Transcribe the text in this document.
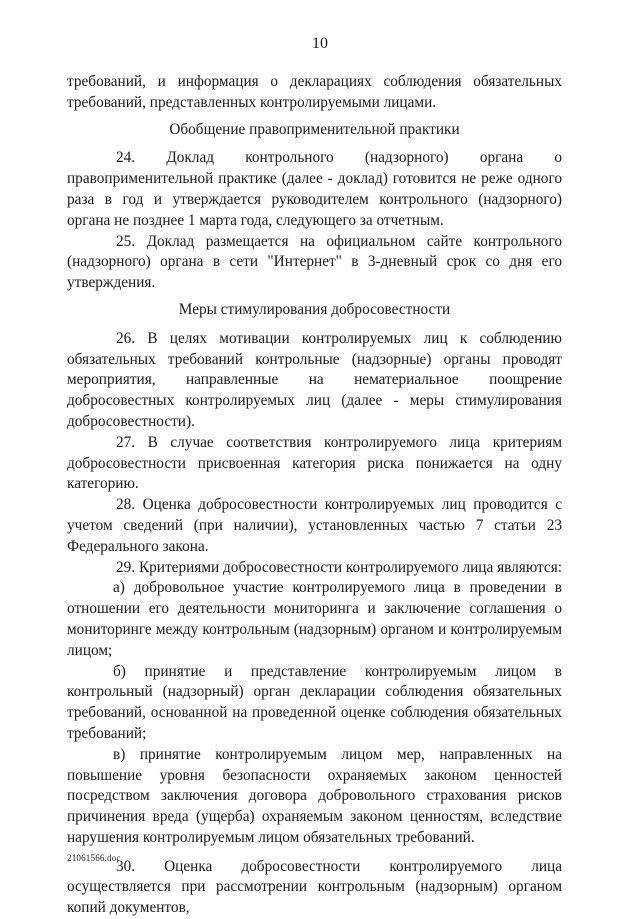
10

требований, и информация о декларациях соблюдения обязательных требований, представленных контролируемыми лицами.

Обобщение правоприменительной практики

24. Доклад контрольного (надзорного) органа о правоприменительной практике (далее - доклад) готовится не реже одного раза в год и утверждается руководителем контрольного (надзорного) органа не позднее 1 марта года, следующего за отчетным.

25. Доклад размещается на официальном сайте контрольного (надзорного) органа в сети "Интернет" в 3-дневный срок со дня его утверждения.

Меры стимулирования добросовестности

26. В целях мотивации контролируемых лиц к соблюдению обязательных требований контрольные (надзорные) органы проводят мероприятия, направленные на нематериальное поощрение добросовестных контролируемых лиц (далее - меры стимулирования добросовестности).

27. В случае соответствия контролируемого лица критериям добросовестности присвоенная категория риска понижается на одну категорию.

28. Оценка добросовестности контролируемых лиц проводится с учетом сведений (при наличии), установленных частью 7 статьи 23 Федерального закона.

29. Критериями добросовестности контролируемого лица являются:

а) добровольное участие контролируемого лица в проведении в отношении его деятельности мониторинга и заключение соглашения о мониторинге между контрольным (надзорным) органом и контролируемым лицом;

б) принятие и представление контролируемым лицом в контрольный (надзорный) орган декларации соблюдения обязательных требований, основанной на проведенной оценке соблюдения обязательных требований;

в) принятие контролируемым лицом мер, направленных на повышение уровня безопасности охраняемых законом ценностей посредством заключения договора добровольного страхования рисков причинения вреда (ущерба) охраняемым законом ценностям, вследствие нарушения контролируемым лицом обязательных требований.

30. Оценка добросовестности контролируемого лица осуществляется при рассмотрении контрольным (надзорным) органом копий документов,

21061566.doc
